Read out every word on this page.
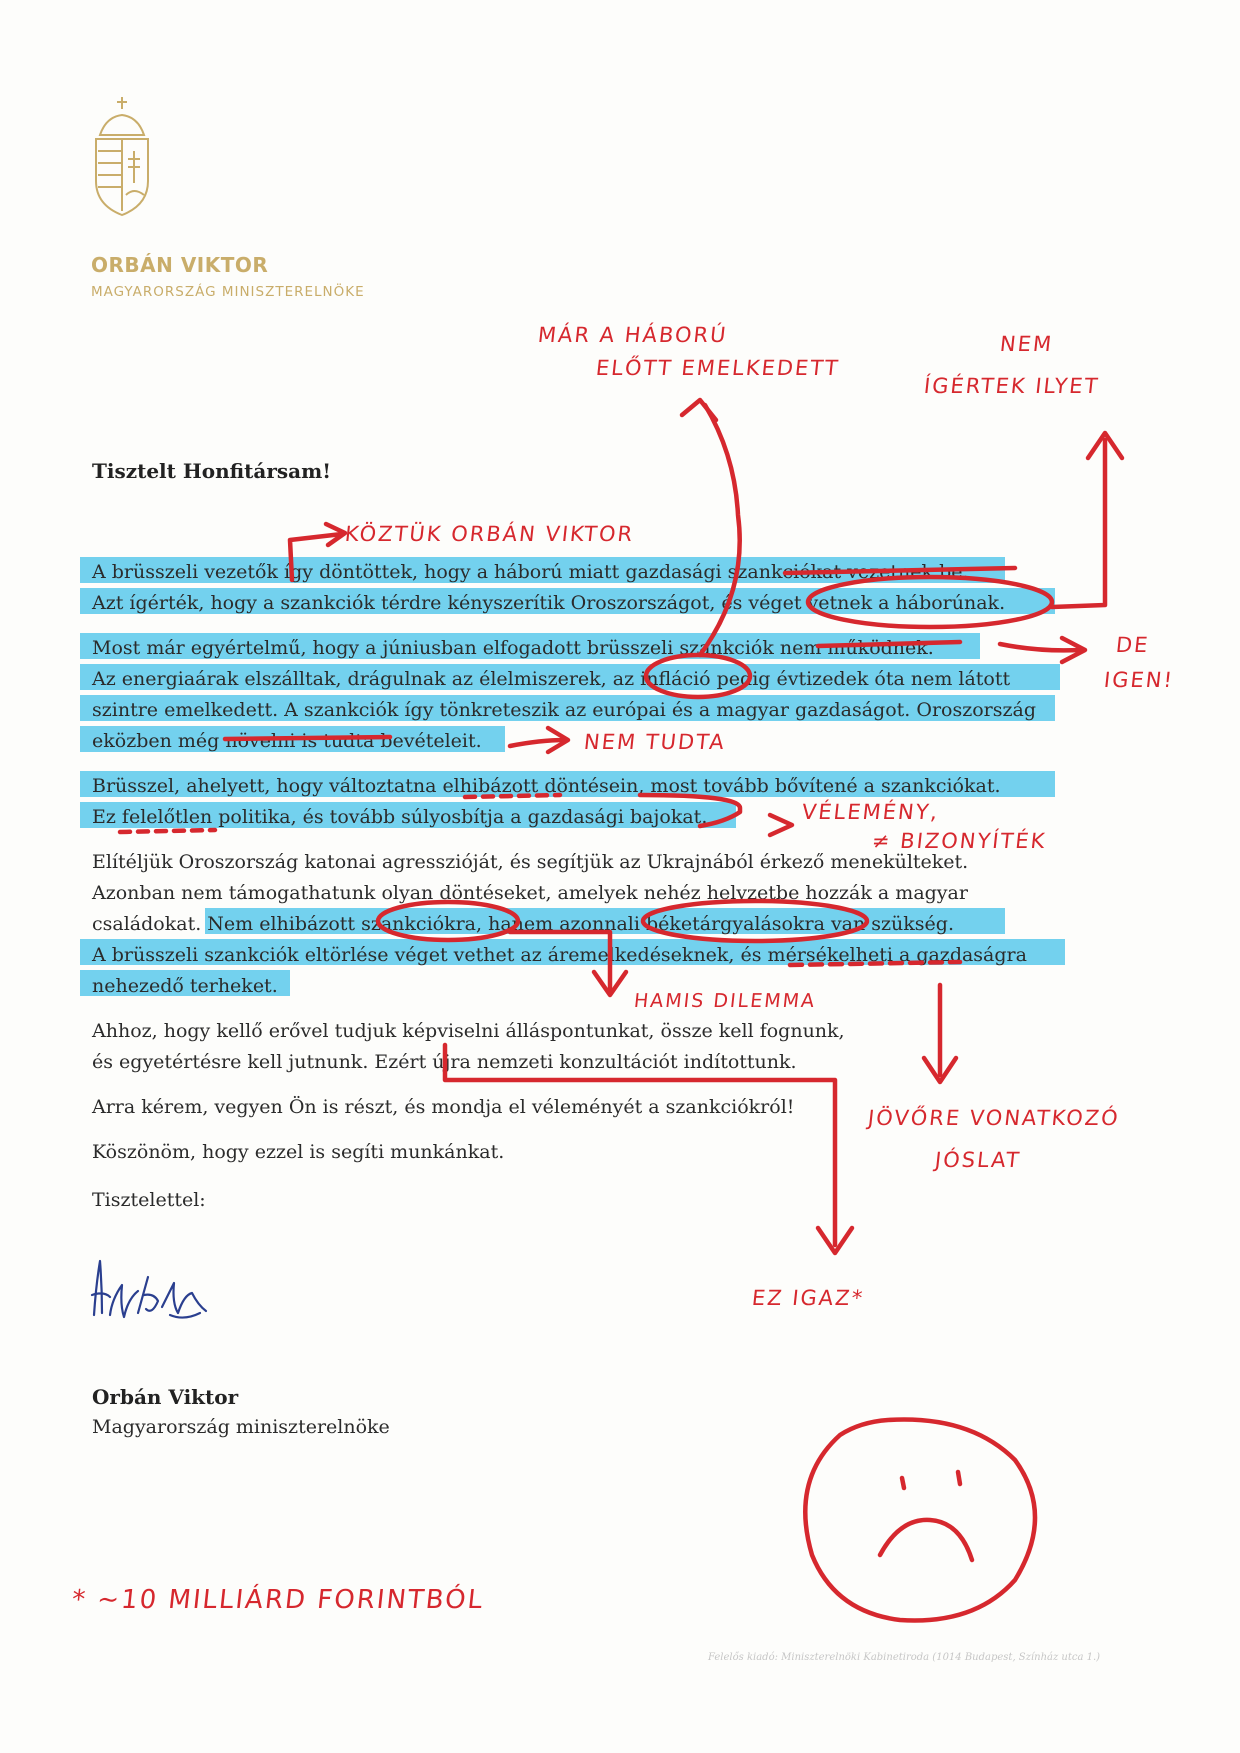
ORBÁN VIKTOR
MAGYARORSZÁG MINISZTERELNÖKE
Tisztelt Honfitársam!
A brüsszeli vezetők így döntöttek, hogy a háború miatt gazdasági szankciókat vezetnek be.
Azt ígérték, hogy a szankciók térdre kényszerítik Oroszországot, és véget vetnek a háborúnak.
Most már egyértelmű, hogy a júniusban elfogadott brüsszeli szankciók nem működnek.
Az energiaárak elszálltak, drágulnak az élelmiszerek, az infláció pedig évtizedek óta nem látott
szintre emelkedett. A szankciók így tönkreteszik az európai és a magyar gazdaságot. Oroszország
eközben még növelni is tudta bevételeit.
Brüsszel, ahelyett, hogy változtatna elhibázott döntésein, most tovább bővítené a szankciókat.
Ez felelőtlen politika, és tovább súlyosbítja a gazdasági bajokat.
Elítéljük Oroszország katonai agresszióját, és segítjük az Ukrajnából érkező menekülteket.
Azonban nem támogathatunk olyan döntéseket, amelyek nehéz helyzetbe hozzák a magyar
családokat. Nem elhibázott szankciókra, hanem azonnali béketárgyalásokra van szükség.
A brüsszeli szankciók eltörlése véget vethet az áremelkedéseknek, és mérsékelheti a gazdaságra
nehezedő terheket.
Ahhoz, hogy kellő erővel tudjuk képviselni álláspontunkat, össze kell fognunk,
és egyetértésre kell jutnunk. Ezért újra nemzeti konzultációt indítottunk.
Arra kérem, vegyen Ön is részt, és mondja el véleményét a szankciókról!
Köszönöm, hogy ezzel is segíti munkánkat.
Tisztelettel:
Orbán Viktor
Magyarország miniszterelnöke
Felelős kiadó: Miniszterelnöki Kabinetiroda (1014 Budapest, Színház utca 1.)
MÁR A HÁBORÚ
ELŐTT EMELKEDETT
NEM
ÍGÉRTEK ILYET
KÖZTÜK ORBÁN VIKTOR
DE
IGEN!
NEM TUDTA
VÉLEMÉNY,
≠ BIZONYÍTÉK
HAMIS DILEMMA
JÖVŐRE VONATKOZÓ
JÓSLAT
EZ IGAZ*
* ~10 MILLIÁRD FORINTBÓL
